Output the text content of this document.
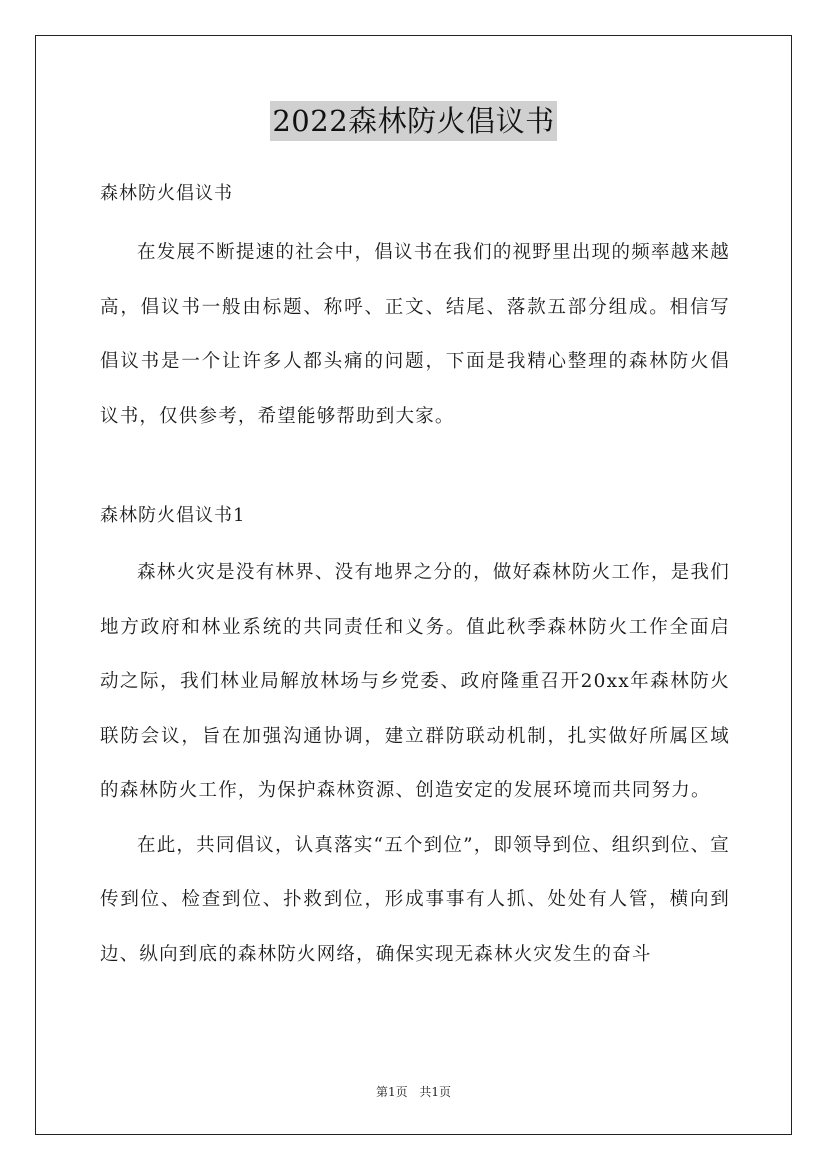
2022森林防火倡议书

森林防火倡议书

在发展不断提速的社会中，倡议书在我们的视野里出现的频率越来越高，倡议书一般由标题、称呼、正文、结尾、落款五部分组成。相信写倡议书是一个让许多人都头痛的问题，下面是我精心整理的森林防火倡议书，仅供参考，希望能够帮助到大家。

森林防火倡议书1

森林火灾是没有林界、没有地界之分的，做好森林防火工作，是我们地方政府和林业系统的共同责任和义务。值此秋季森林防火工作全面启动之际，我们林业局解放林场与乡党委、政府隆重召开20xx年森林防火联防会议，旨在加强沟通协调，建立群防联动机制，扎实做好所属区域的森林防火工作，为保护森林资源、创造安定的发展环境而共同努力。

在此，共同倡议，认真落实“五个到位”，即领导到位、组织到位、宣传到位、检查到位、扑救到位，形成事事有人抓、处处有人管，横向到边、纵向到底的森林防火网络，确保实现无森林火灾发生的奋斗

第1页 共1页
